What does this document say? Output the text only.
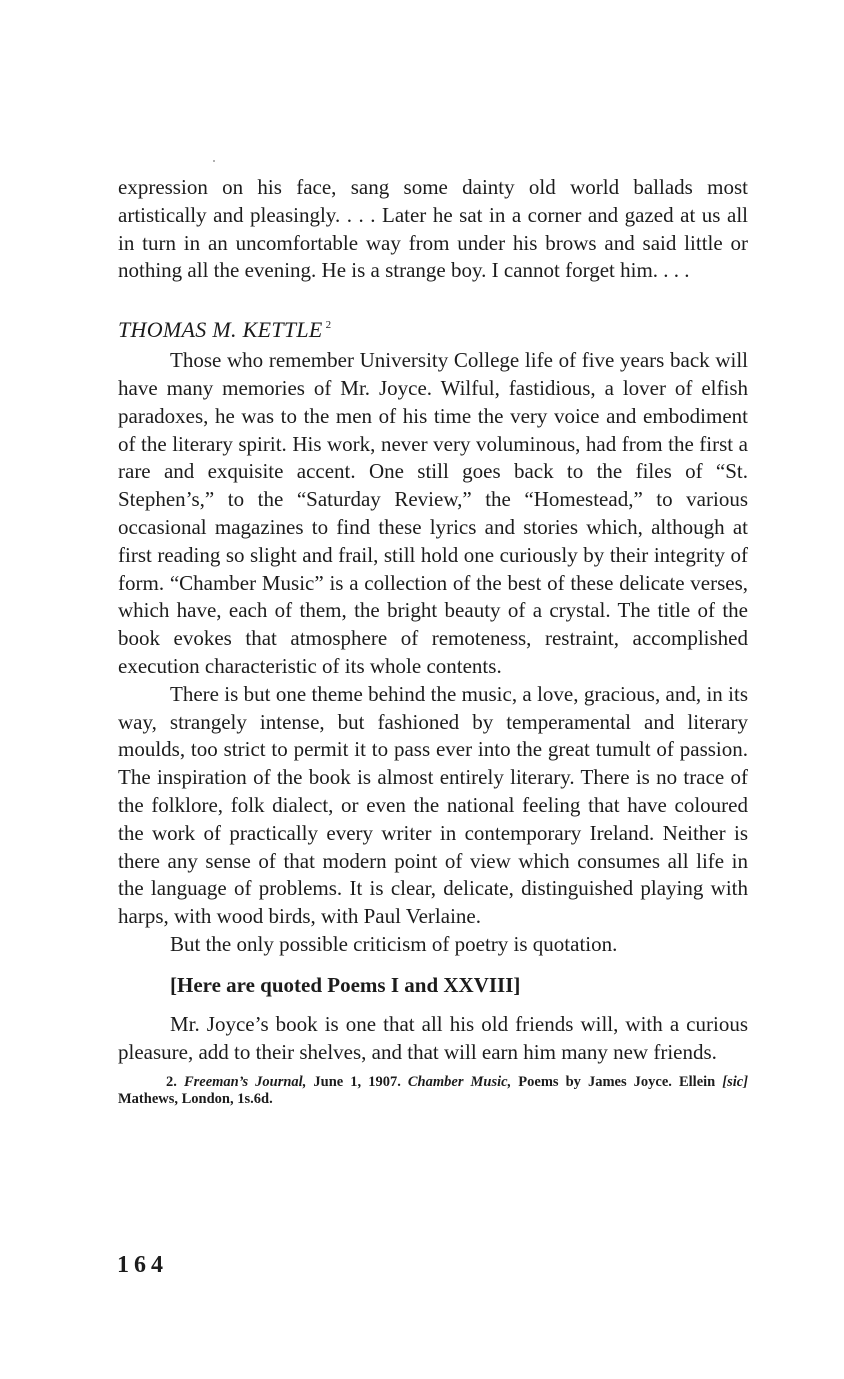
expression on his face, sang some dainty old world ballads most artistically and pleasingly. . . . Later he sat in a corner and gazed at us all in turn in an uncomfortable way from under his brows and said little or nothing all the evening. He is a strange boy. I cannot forget him. . . .

THOMAS M. KETTLE $^2$

Those who remember University College life of five years back will have many memories of Mr. Joyce. Wilful, fastidious, a lover of elfish paradoxes, he was to the men of his time the very voice and embodiment of the literary spirit. His work, never very voluminous, had from the first a rare and exquisite accent. One still goes back to the files of “St. Stephen’s,” to the “Saturday Review,” the “Homestead,” to various occasional magazines to find these lyrics and stories which, although at first reading so slight and frail, still hold one curiously by their integrity of form. “Chamber Music” is a collection of the best of these delicate verses, which have, each of them, the bright beauty of a crystal. The title of the book evokes that atmosphere of remoteness, restraint, accomplished execution characteristic of its whole contents.

There is but one theme behind the music, a love, gracious, and, in its way, strangely intense, but fashioned by temperamental and literary moulds, too strict to permit it to pass ever into the great tumult of passion. The inspiration of the book is almost entirely literary. There is no trace of the folklore, folk dialect, or even the national feeling that have coloured the work of practically every writer in contemporary Ireland. Neither is there any sense of that modern point of view which consumes all life in the language of problems. It is clear, delicate, distinguished playing with harps, with wood birds, with Paul Verlaine.

But the only possible criticism of poetry is quotation.

[Here are quoted Poems I and XXVIII]

Mr. Joyce’s book is one that all his old friends will, with a curious pleasure, add to their shelves, and that will earn him many new friends.

2. Freeman’s Journal, June 1, 1907. Chamber Music, Poems by James Joyce. Ellein [sic] Mathews, London, 1s.6d.

164
